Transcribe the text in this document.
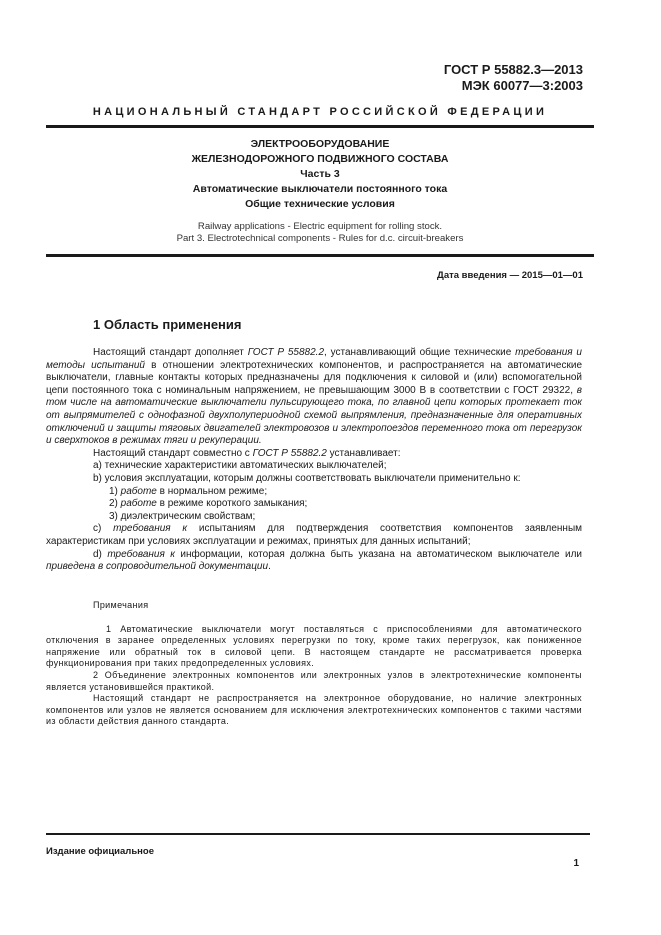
ГОСТ Р 55882.3—2013
МЭК 60077—3:2003
НАЦИОНАЛЬНЫЙ СТАНДАРТ РОССИЙСКОЙ ФЕДЕРАЦИИ
ЭЛЕКТРООБОРУДОВАНИЕ
ЖЕЛЕЗНОДОРОЖНОГО ПОДВИЖНОГО СОСТАВА
Часть 3
Автоматические выключатели постоянного тока
Общие технические условия
Railway applications - Electric equipment for rolling stock.
Part 3. Electrotechnical components - Rules for d.c. circuit-breakers
Дата введения — 2015—01—01
1 Область применения

Настоящий стандарт дополняет ГОСТ Р 55882.2, устанавливающий общие технические требования и методы испытаний в отношении электротехнических компонентов, и распространяется на автоматические выключатели, главные контакты которых предназначены для подключения к силовой и (или) вспомогательной цепи постоянного тока с номинальным напряжением, не превышающим 3000 В в соответствии с ГОСТ 29322, в том числе на автоматические выключатели пульсирующего тока, по главной цепи которых протекает ток от выпрямителей с однофазной двухполупериодной схемой выпрямления, предназначенные для оперативных отключений и защиты тяговых двигателей электровозов и электропоездов переменного тока от перегрузок и сверхтоков в режимах тяги и рекуперации.

Настоящий стандарт совместно с ГОСТ Р 55882.2 устанавливает:

a) технические характеристики автоматических выключателей;

b) условия эксплуатации, которым должны соответствовать выключатели применительно к:

1) работе в нормальном режиме;

2) работе в режиме короткого замыкания;

3) диэлектрическим свойствам;

c) требования к испытаниям для подтверждения соответствия компонентов заявленным характеристикам при условиях эксплуатации и режимах, принятых для данных испытаний;

d) требования к информации, которая должна быть указана на автоматическом выключателе или приведена в сопроводительной документации.

Примечания

1 Автоматические выключатели могут поставляться с приспособлениями для автоматического отключения в заранее определенных условиях перегрузки по току, кроме таких перегрузок, как пониженное напряжение или обратный ток в силовой цепи. В настоящем стандарте не рассматривается проверка функционирования при таких предопределенных условиях.

2 Объединение электронных компонентов или электронных узлов в электротехнические компоненты является установившейся практикой.

Настоящий стандарт не распространяется на электронное оборудование, но наличие электронных компонентов или узлов не является основанием для исключения электротехнических компонентов с такими частями из области действия данного стандарта.

Издание официальное
1
